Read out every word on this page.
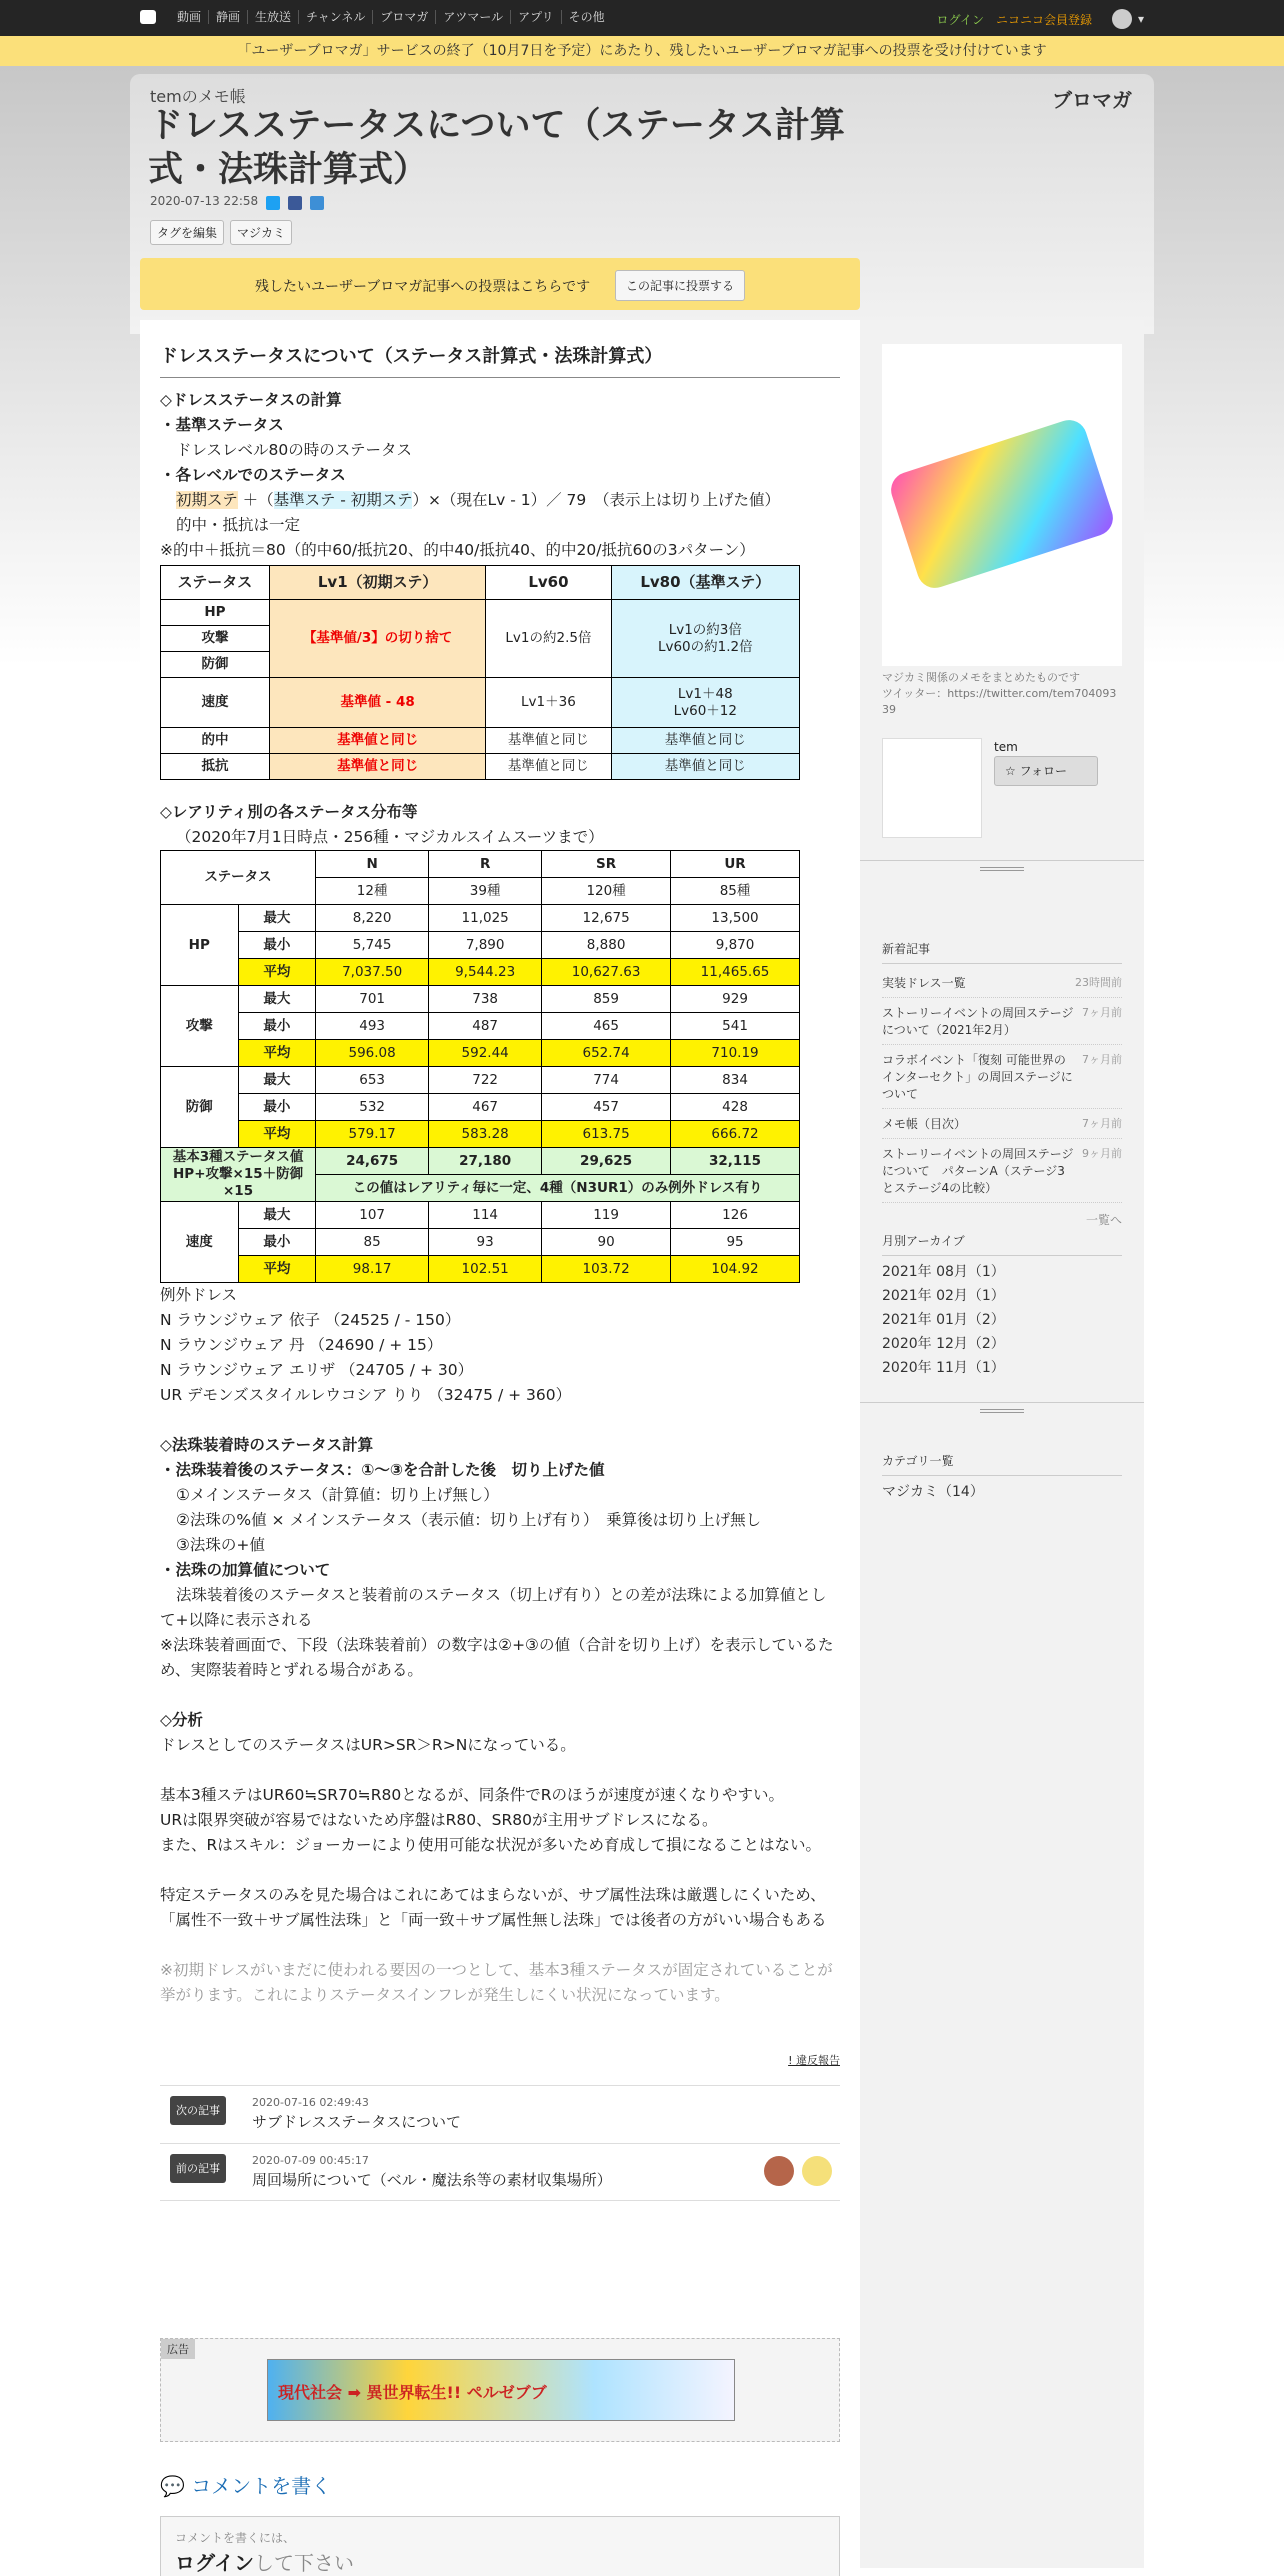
動画	静画	生放送	チャンネル	ブロマガ	アツマール	アプリ	その他	ログイン ニコニコ会員登録	▾
「ユーザーブロマガ」サービスの終了（10月7日を予定）にあたり、残したいユーザーブロマガ記事への投票を受け付けています
temのメモ帳	ブロマガ
ドレスステータスについて（ステータス計算式・法珠計算式）
2020-07-13 22:58
タグを編集	マジカミ
残したいユーザーブロマガ記事への投票はこちらです	この記事に投票する
ドレスステータスについて（ステータス計算式・法珠計算式）
◇ドレスステータスの計算
・基準ステータス
ドレスレベル80の時のステータス
・各レベルでのステータス
初期ステ ＋（基準ステ - 初期ステ）×（現在Lv - 1）／ 79　（表示上は切り上げた値）
的中・抵抗は一定
※的中＋抵抗＝80（的中60/抵抗20、的中40/抵抗40、的中20/抵抗60の3パターン）
ステータス	Lv1（初期ステ）	Lv60	Lv80（基準ステ）
HP	【基準値/3】の切り捨て	Lv1の約2.5倍	Lv1の約3倍
Lv60の約1.2倍

攻撃			
防御			
速度	基準値 - 48	Lv1＋36	Lv1＋48
Lv60＋12

的中	基準値と同じ	基準値と同じ	基準値と同じ
抵抗	基準値と同じ	基準値と同じ	基準値と同じ
◇レアリティ別の各ステータス分布等
（2020年7月1日時点・256種・マジカルスイムスーツまで）
ステータス		N	R	SR	UR
		12種	39種	120種	85種
HP	最大	8,220	11,025	12,675	13,500
	最小	5,745	7,890	8,880	9,870
	平均	7,037.50	9,544.23	10,627.63	11,465.65
攻撃	最大	701	738	859	929
	最小	493	487	465	541
	平均	596.08	592.44	652.74	710.19
防御	最大	653	722	774	834
	最小	532	467	457	428
	平均	579.17	583.28	613.75	666.72

基本3種ステータス値
HP+攻撃×15＋防御
×15		24,675	27,180	29,625	32,115
		この値はレアリティ毎に一定、4種（N3UR1）のみ例外ドレス有り			
速度	最大	107	114	119	126
	最小	85	93	90	95
	平均	98.17	102.51	103.72	104.92
例外ドレス
N ラウンジウェア 依子 （24525 / - 150）
N ラウンジウェア 丹 （24690 / + 15）
N ラウンジウェア エリザ （24705 / + 30）
UR デモンズスタイルレウコシア りり （32475 / + 360）
◇法珠装着時のステータス計算
・法珠装着後のステータス：①～③を合計した後　切り上げた値
①メインステータス（計算値：切り上げ無し）
②法珠の%値 × メインステータス（表示値：切り上げ有り）　乗算後は切り上げ無し
③法珠の+値
・法珠の加算値について
法珠装着後のステータスと装着前のステータス（切上げ有り）との差が法珠による加算値として+以降に表示される
※法珠装着画面で、下段（法珠装着前）の数字は②+③の値（合計を切り上げ）を表示しているため、実際装着時とずれる場合がある。
◇分析
ドレスとしてのステータスはUR>SR＞R>Nになっている。
基本3種ステはUR60≒SR70≒R80となるが、同条件でRのほうが速度が速くなりやすい。
URは限界突破が容易ではないため序盤はR80、SR80が主用サブドレスになる。
また、Rはスキル：ジョーカーにより使用可能な状況が多いため育成して損になることはない。
特定ステータスのみを見た場合はこれにあてはまらないが、サブ属性法珠は厳選しにくいため、「属性不一致＋サブ属性法珠」と「両一致＋サブ属性無し法珠」では後者の方がいい場合もある
※初期ドレスがいまだに使われる要因の一つとして、基本3種ステータスが固定されていることが挙がります。これによりステータスインフレが発生しにくい状況になっています。
! 違反報告
次の記事
2020-07-16 02:49:43
サブドレスステータスについて
前の記事
2020-07-09 00:45:17
周回場所について（ベル・魔法糸等の素材収集場所）
広告
現代社会 ➡ 異世界転生!! ペルゼブブ
💬 コメントを書く
コメントを書くには、
ログインして下さい
マジカミ関係のメモをまとめたものです
ツイッター：https://twitter.com/tem70409339
tem
☆ フォロー
新着記事
実装ドレス一覧	23時間前
ストーリーイベントの周回ステージについて（2021年2月）
7ヶ月前
コラボイベント「復刻 可能世界のインターセクト」の周回ステージについて
7ヶ月前
メモ帳（目次）	7ヶ月前
ストーリーイベントの周回ステージについて　パターンA（ステージ3とステージ4の比較）
9ヶ月前
一覧へ
月別アーカイブ
2021年 08月（1）
2021年 02月（1）
2021年 01月（2）
2020年 12月（2）
2020年 11月（1）
カテゴリ一覧
マジカミ（14）
